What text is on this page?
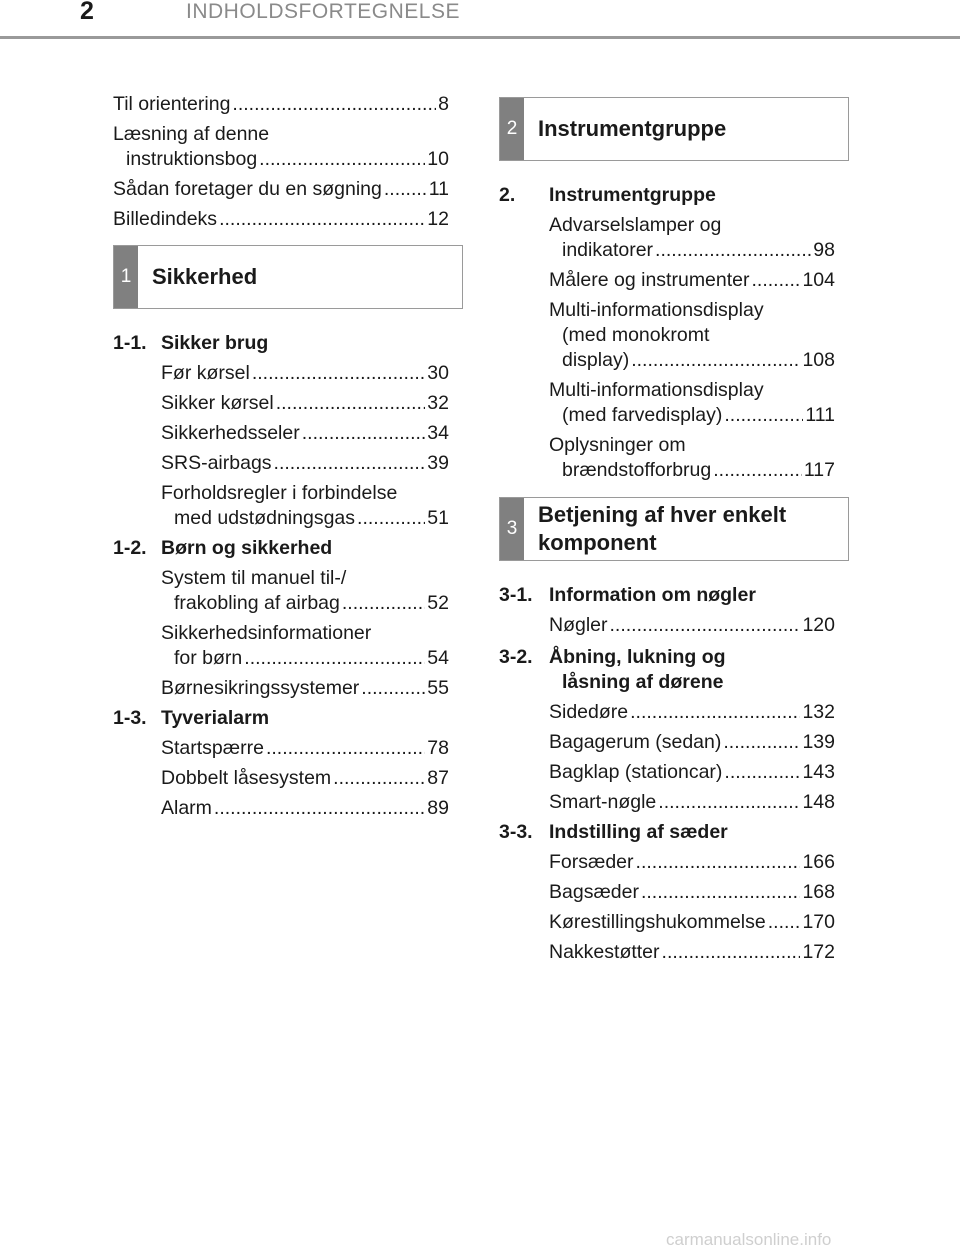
2	INDHOLDSFORTEGNELSE
Til orientering .....	8
Læsning af denne
instruktionsbog .....	10
Sådan foretager du en søgning ..... 11
Billedindeks .....	12
1 Sikkerhed
1-1. Sikker brug
Før kørsel .....	30
Sikker kørsel .....	32
Sikkerhedsseler .....	34
SRS-airbags .....	39
Forholdsregler i forbindelse
med udstødningsgas .....	51
1-2. Børn og sikkerhed
System til manuel til-/
frakobling af airbag .....	52
Sikkerhedsinformationer
for børn .....	54
Børnesikringssystemer .....	55
1-3. Tyverialarm
Startspærre .....	78
Dobbelt låsesystem .....	87
Alarm .....	89
2 Instrumentgruppe
2.	Instrumentgruppe
Advarselslamper og
indikatorer .....	98
Målere og instrumenter .....	104
Multi-informationsdisplay
(med monokromt
display) .....	108
Multi-informationsdisplay
(med farvedisplay) .....	111
Oplysninger om
brændstofforbrug .....	117
3
Betjening af hver enkelt
komponent
3-1. Information om nøgler
Nøgler .....	120
3-2. Åbning, lukning og
låsning af dørene
Sidedøre .....	132
Bagagerum (sedan) .....	139
Bagklap (stationcar) .....	143
Smart-nøgle .....	148
3-3. Indstilling af sæder
Forsæder .....	166
Bagsæder .....	168
Kørestillingshukommelse ..... 170
Nakkestøtter .....	172
carmanualsonline.info
